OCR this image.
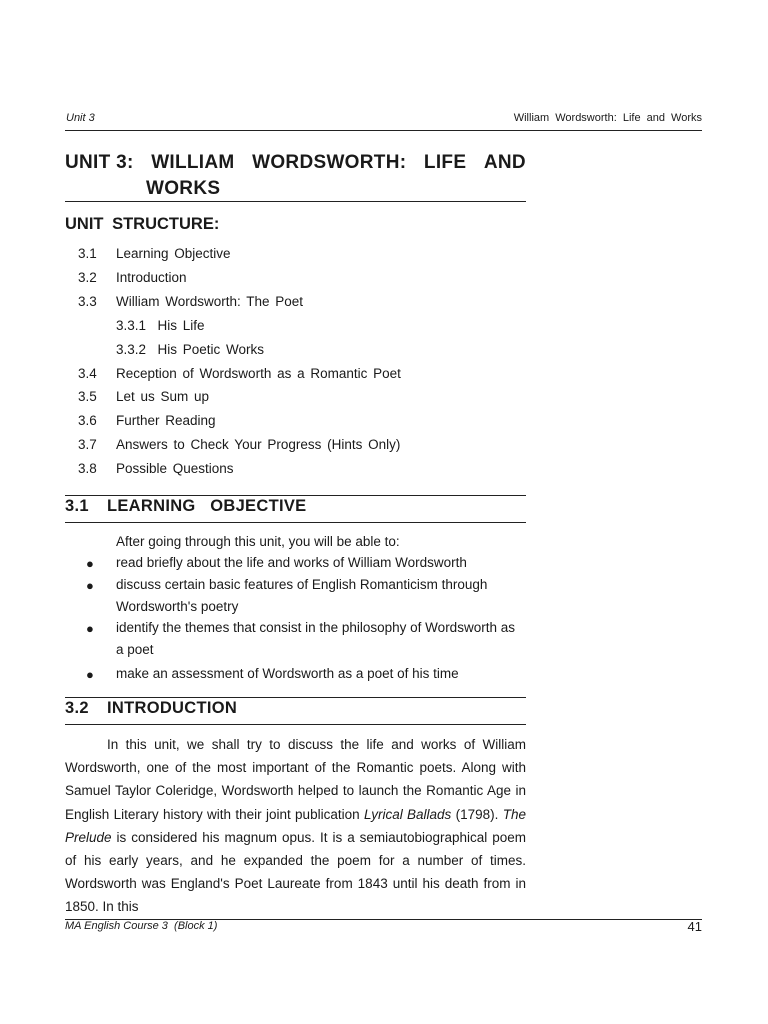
Unit 3	William Wordsworth: Life and Works
UNIT 3: WILLIAM WORDSWORTH: LIFE AND
WORKS
UNIT STRUCTURE:
3.1 Learning Objective
3.2 Introduction
3.3 William Wordsworth: The Poet
3.3.1  His Life
3.3.2  His Poetic Works
3.4 Reception of Wordsworth as a Romantic Poet
3.5 Let us Sum up
3.6 Further Reading
3.7 Answers to Check Your Progress (Hints Only)
3.8 Possible Questions
3.1 LEARNING   OBJECTIVE
After going through this unit, you will be able to:
● read briefly about the life and works of William Wordsworth
● discuss certain basic features of English Romanticism through Wordsworth's poetry
● identify the themes that consist in the philosophy of Wordsworth as a poet
● make an assessment of Wordsworth as a poet of his time
3.2 INTRODUCTION
In this unit, we shall try to discuss the life and works of William Wordsworth, one of the most important of the Romantic poets. Along with Samuel Taylor Coleridge, Wordsworth helped to launch the Romantic Age in English Literary history with their joint publication Lyrical Ballads (1798). The Prelude is considered his magnum opus. It is a semiautobiographical poem of his early years, and he expanded the poem for a number of times. Wordsworth was England's Poet Laureate from 1843 until his death from in 1850. In this
MA English Course 3  (Block 1)	41
